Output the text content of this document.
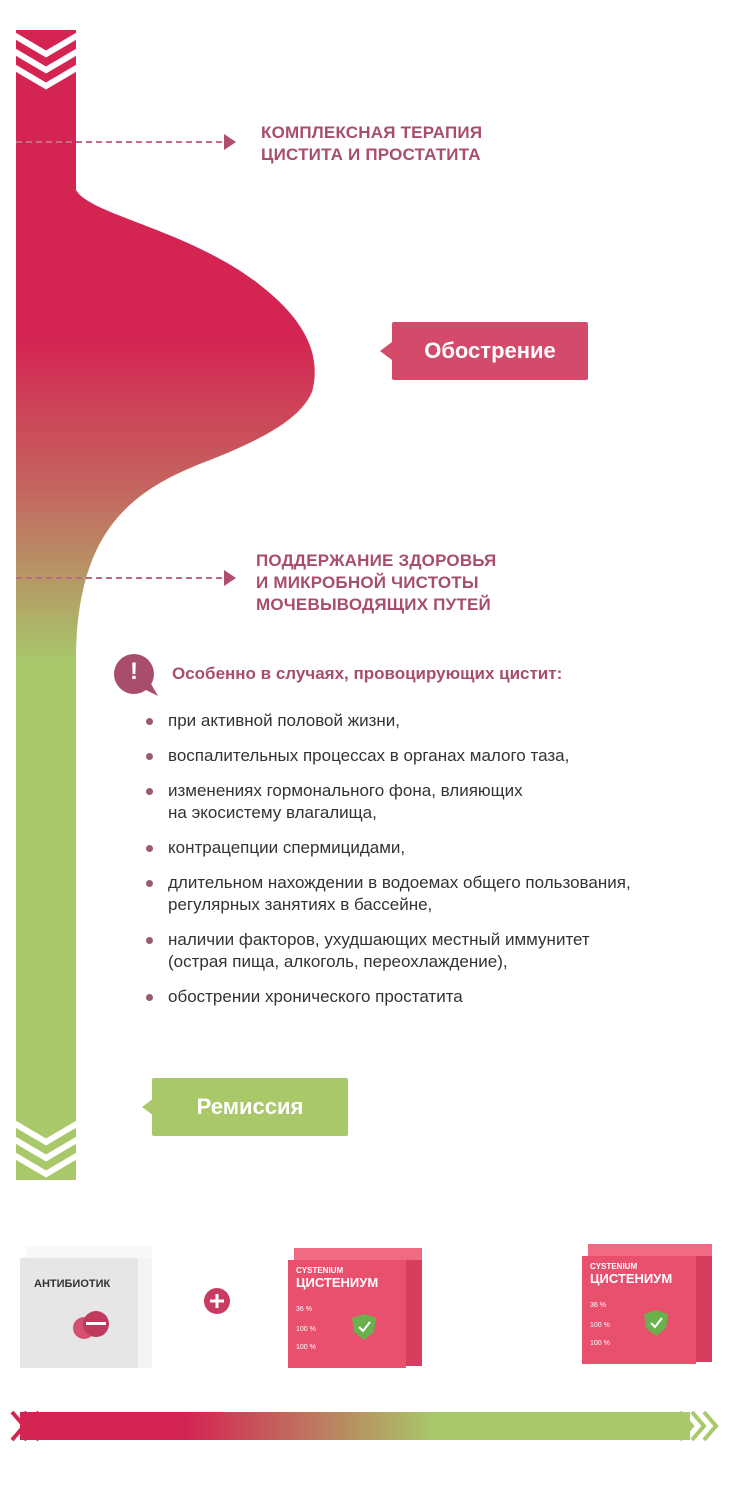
КОМПЛЕКСНАЯ ТЕРАПИЯ
ЦИСТИТА И ПРОСТАТИТА
Обострение
ПОДДЕРЖАНИЕ ЗДОРОВЬЯ
И МИКРОБНОЙ ЧИСТОТЫ
МОЧЕВЫВОДЯЩИХ ПУТЕЙ
!	Особенно в случаях, провоцирующих цистит:
при активной половой жизни,
воспалительных процессах в органах малого таза,
изменениях гормонального фона, влияющих
на экосистему влагалища,
контрацепции спермицидами,
длительном нахождении в водоемах общего пользования,
регулярных занятиях в бассейне,
наличии факторов, ухудшающих местный иммунитет
(острая пища, алкоголь, переохлаждение),
обострении хронического простатита
Ремиссия
АНТИБИОТИК
CYSTENIUM
ЦИСТЕНИУМ
36 %
100 %
100 %
CYSTENIUM
ЦИСТЕНИУМ
36 %
100 %
100 %
